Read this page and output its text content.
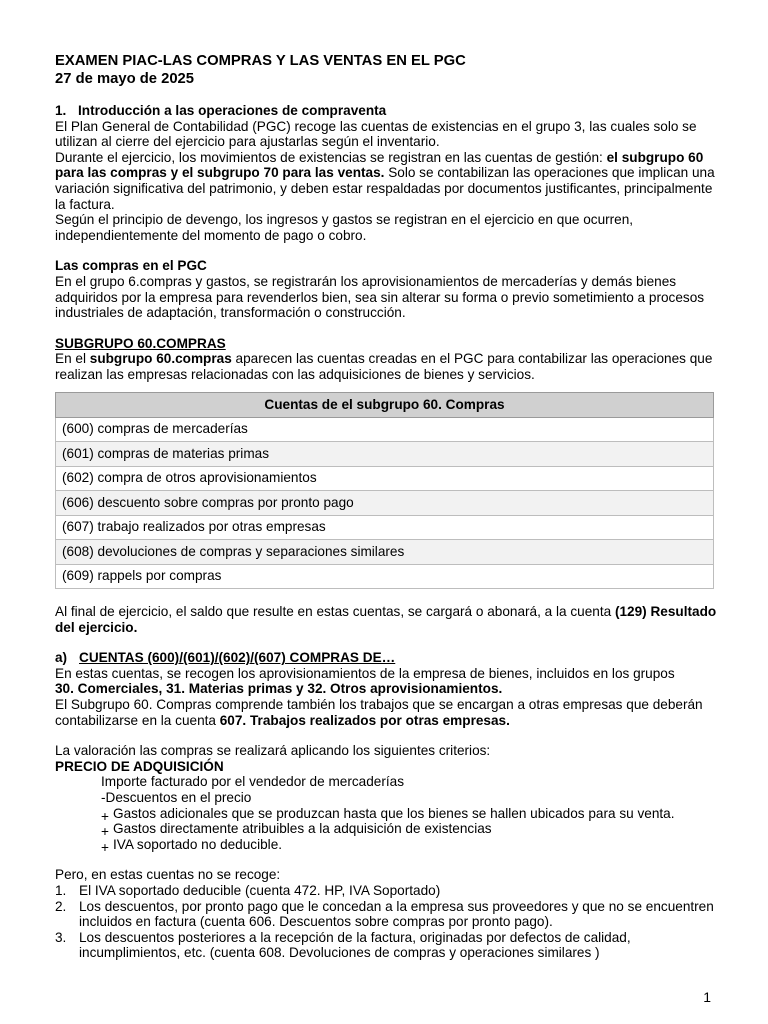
EXAMEN PIAC-LAS COMPRAS Y LAS VENTAS EN EL PGC

27 de mayo de 2025

1. Introducción a las operaciones de compraventa

El Plan General de Contabilidad (PGC) recoge las cuentas de existencias en el grupo 3, las cuales solo se utilizan al cierre del ejercicio para ajustarlas según el inventario.

Durante el ejercicio, los movimientos de existencias se registran en las cuentas de gestión: el subgrupo 60 para las compras y el subgrupo 70 para las ventas. Solo se contabilizan las operaciones que implican una variación significativa del patrimonio, y deben estar respaldadas por documentos justificantes, principalmente la factura.

Según el principio de devengo, los ingresos y gastos se registran en el ejercicio en que ocurren, independientemente del momento de pago o cobro.

Las compras en el PGC

En el grupo 6.compras y gastos, se registrarán los aprovisionamientos de mercaderías y demás bienes adquiridos por la empresa para revenderlos bien, sea sin alterar su forma o previo sometimiento a procesos industriales de adaptación, transformación o construcción.

SUBGRUPO 60.COMPRAS

En el subgrupo 60.compras aparecen las cuentas creadas en el PGC para contabilizar las operaciones que realizan las empresas relacionadas con las adquisiciones de bienes y servicios.

Cuentas de el subgrupo 60. Compras
(600) compras de mercaderías
(601) compras de materias primas
(602) compra de otros aprovisionamientos
(606) descuento sobre compras por pronto pago
(607) trabajo realizados por otras empresas
(608) devoluciones de compras y separaciones similares
(609) rappels por compras

Al final de ejercicio, el saldo que resulte en estas cuentas, se cargará o abonará, a la cuenta (129) Resultado del ejercicio.

a) CUENTAS (600)/(601)/(602)/(607) COMPRAS DE…

En estas cuentas, se recogen los aprovisionamientos de la empresa de bienes, incluidos en los grupos

30. Comerciales, 31. Materias primas y 32. Otros aprovisionamientos.

El Subgrupo 60. Compras comprende también los trabajos que se encargan a otras empresas que deberán contabilizarse en la cuenta 607. Trabajos realizados por otras empresas.

La valoración las compras se realizará aplicando los siguientes criterios:

PRECIO DE ADQUISICIÓN

Importe facturado por el vendedor de mercaderías

-Descuentos en el precio

+ Gastos adicionales que se produzcan hasta que los bienes se hallen ubicados para su venta.
+ Gastos directamente atribuibles a la adquisición de existencias
+ IVA soportado no deducible.

Pero, en estas cuentas no se recoge:

1. El IVA soportado deducible (cuenta 472. HP, IVA Soportado)
2. Los descuentos, por pronto pago que le concedan a la empresa sus proveedores y que no se encuentren incluidos en factura (cuenta 606. Descuentos sobre compras por pronto pago).
3. Los descuentos posteriores a la recepción de la factura, originadas por defectos de calidad, incumplimientos, etc. (cuenta 608. Devoluciones de compras y operaciones similares )
1
